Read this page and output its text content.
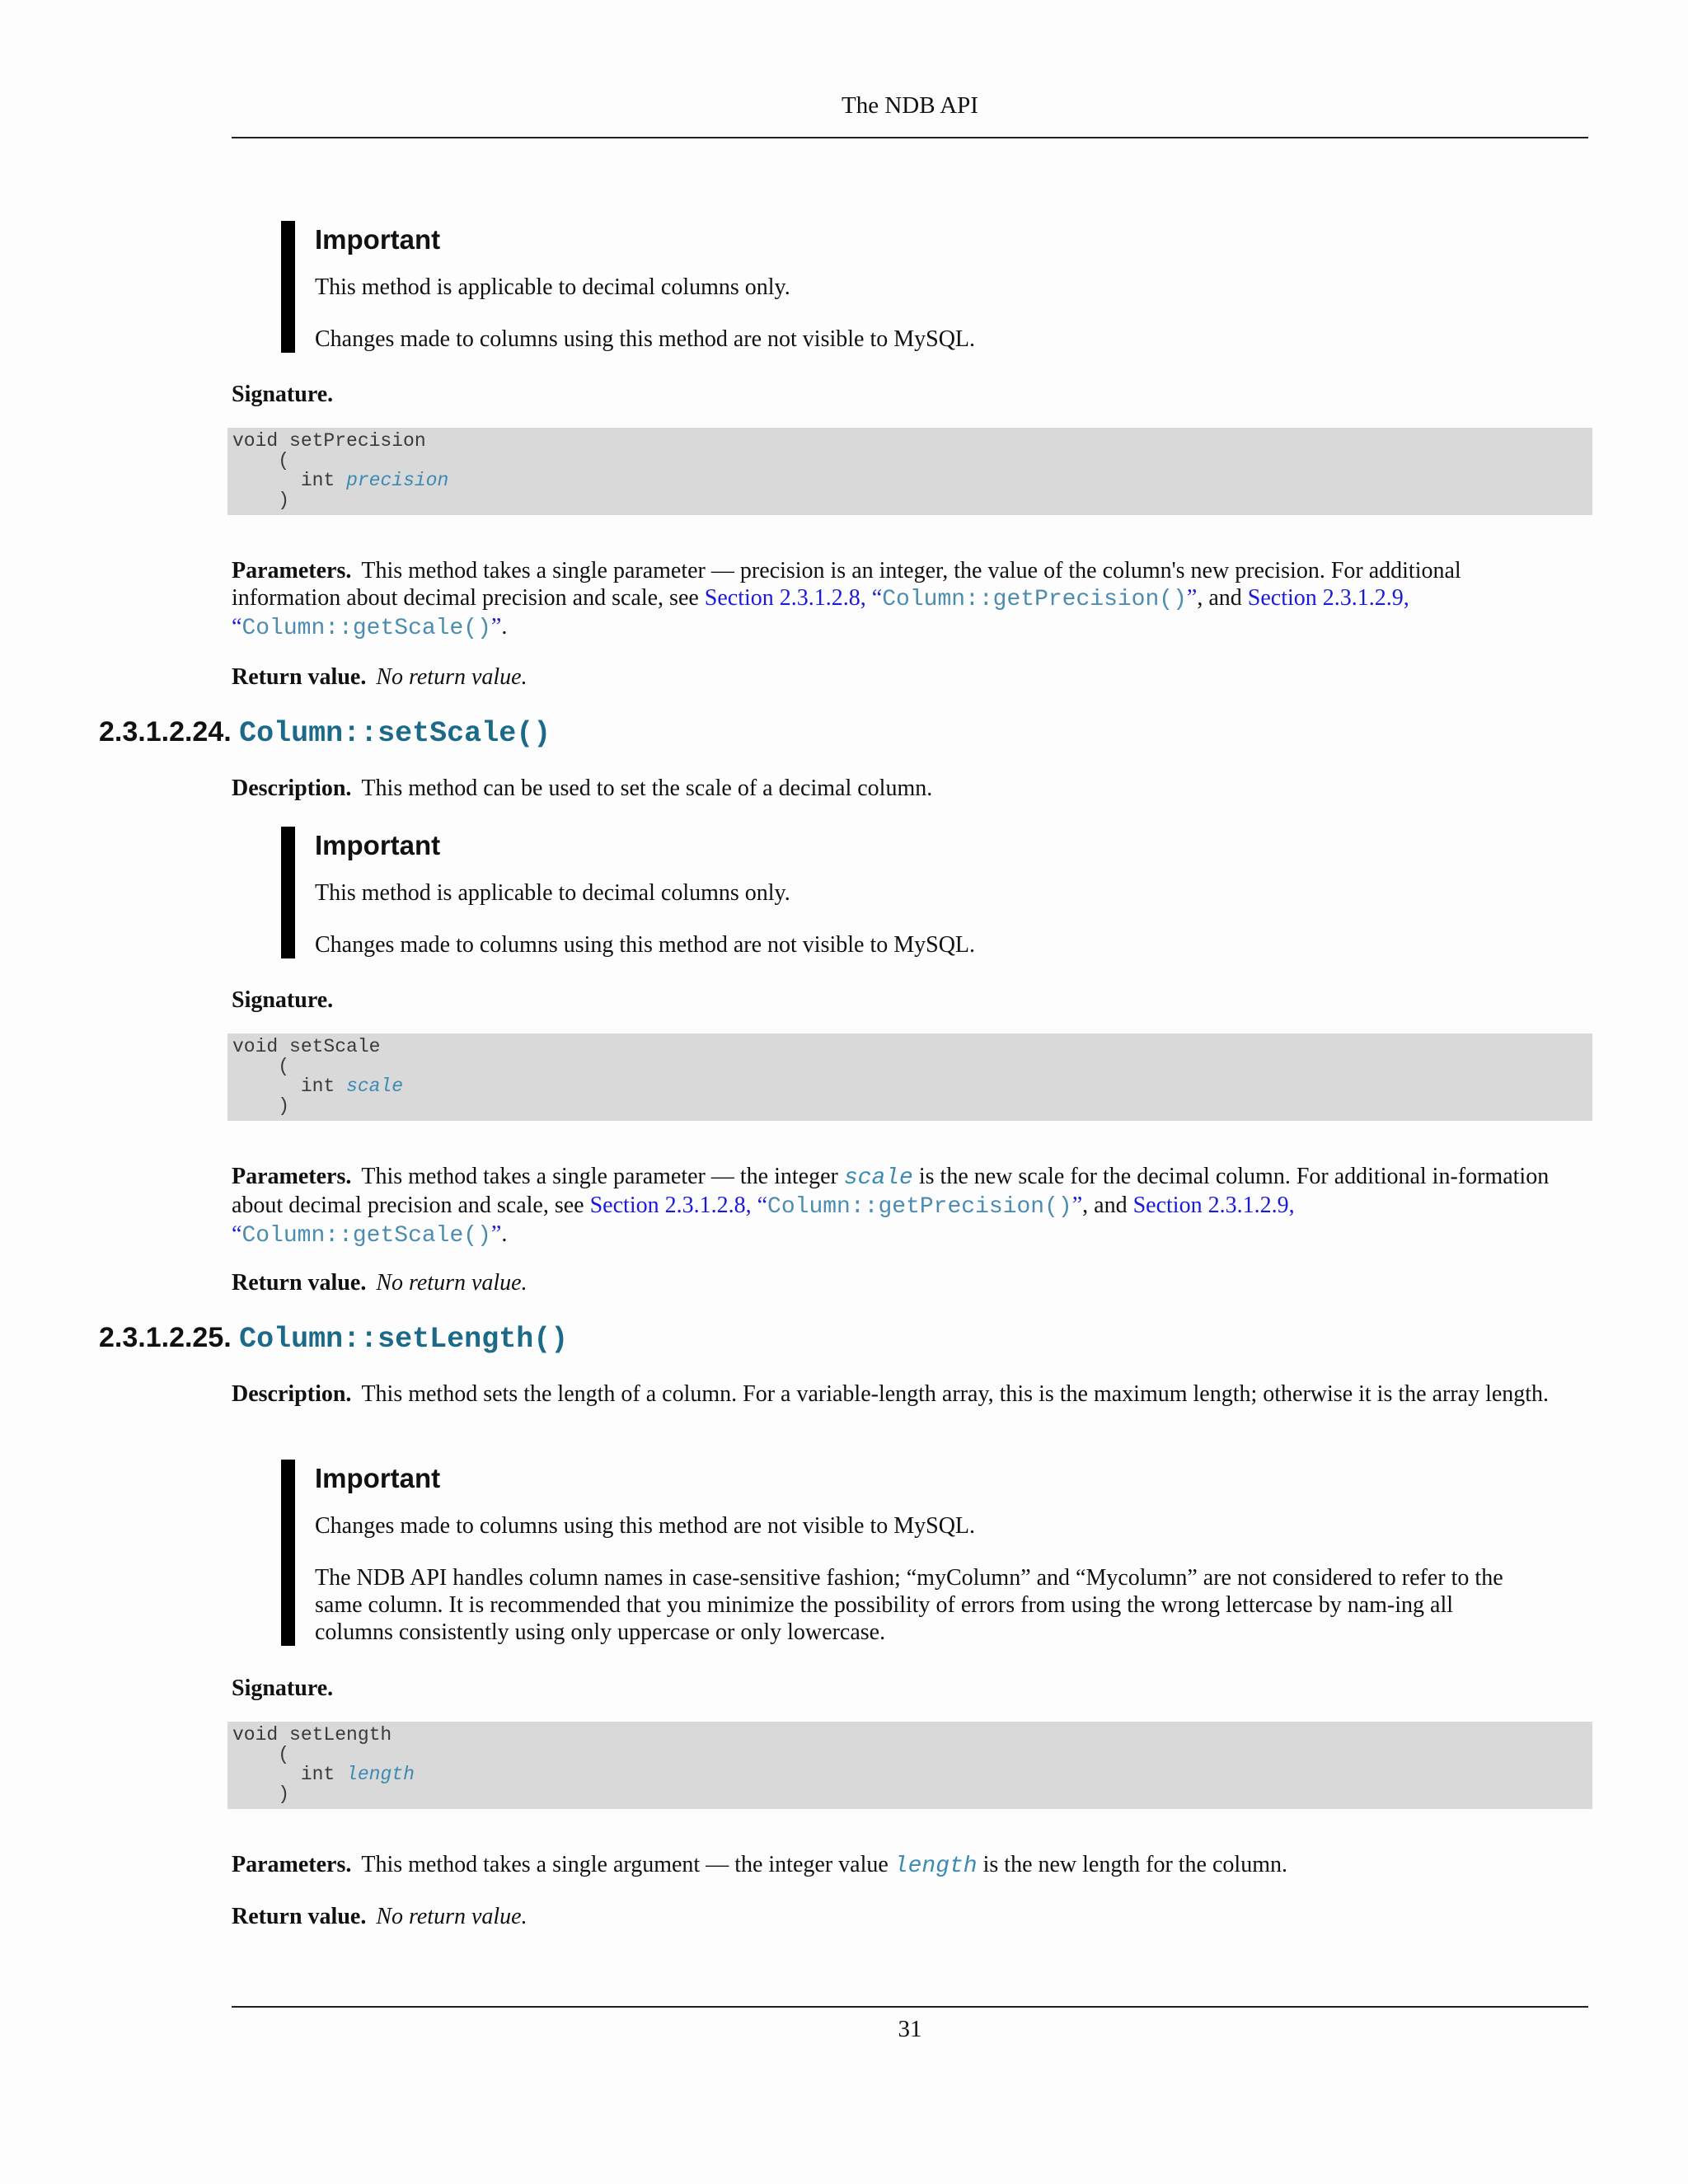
The NDB API
Important

This method is applicable to decimal columns only.

Changes made to columns using this method are not visible to MySQL.

Signature.

void setPrecision
(
int precision
)

Parameters. This method takes a single parameter — precision is an integer, the value of the column's new precision. For additional information about decimal precision and scale, see Section 2.3.1.2.8, “Column::getPrecision()”, and Section 2.3.1.2.9, “Column::getScale()”.

Return value. No return value.

2.3.1.2.24. Column::setScale()

Description. This method can be used to set the scale of a decimal column.

Important

This method is applicable to decimal columns only.

Changes made to columns using this method are not visible to MySQL.

Signature.

void setScale
(
int scale
)

Parameters. This method takes a single parameter — the integer scale is the new scale for the decimal column. For additional in-formation about decimal precision and scale, see Section 2.3.1.2.8, “Column::getPrecision()”, and Section 2.3.1.2.9, “Column::getScale()”.

Return value. No return value.

2.3.1.2.25. Column::setLength()

Description. This method sets the length of a column. For a variable-length array, this is the maximum length; otherwise it is the array length.

Important

Changes made to columns using this method are not visible to MySQL.

The NDB API handles column names in case-sensitive fashion; “myColumn” and “Mycolumn” are not considered to refer to the same column. It is recommended that you minimize the possibility of errors from using the wrong lettercase by nam-ing all columns consistently using only uppercase or only lowercase.

Signature.

void setLength
(
int length
)

Parameters. This method takes a single argument — the integer value length is the new length for the column.

Return value. No return value.

31
